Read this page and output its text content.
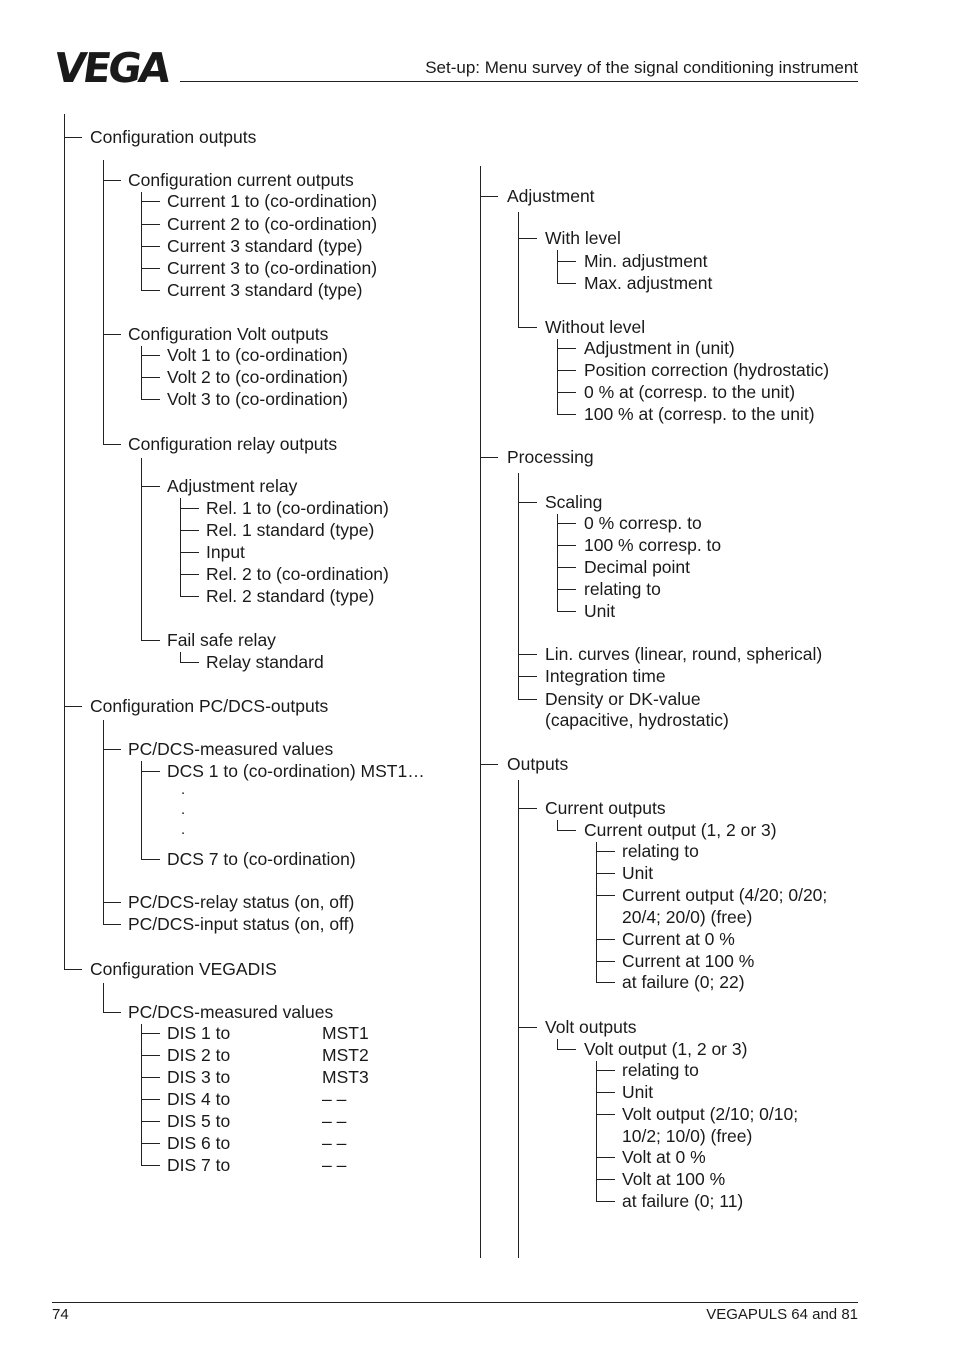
VEGA	Set-up: Menu survey of the signal conditioning instrument
Configuration outputs
Configuration current outputs
Current 1 to (co-ordination)
Current 2 to (co-ordination)
Current 3 standard (type)
Current 3 to (co-ordination)
Current 3 standard (type)
Configuration Volt outputs
Volt 1 to (co-ordination)
Volt 2 to (co-ordination)
Volt 3 to (co-ordination)
Configuration relay outputs
Adjustment relay
Rel. 1 to (co-ordination)
Rel. 1 standard (type)
Input
Rel. 2 to (co-ordination)
Rel. 2 standard (type)
Fail safe relay
Relay standard
Configuration PC/DCS-outputs
PC/DCS-measured values
DCS 1 to (co-ordination) MST1…
.
.
.
DCS 7 to (co-ordination)
PC/DCS-relay status (on, off)
PC/DCS-input status (on, off)
Configuration VEGADIS
PC/DCS-measured values
DIS 1 to	MST1
DIS 2 to	MST2
DIS 3 to	MST3
DIS 4 to	– –
DIS 5 to	– –
DIS 6 to	– –
DIS 7 to	– –
Adjustment
With level
Min. adjustment
Max. adjustment
Without level
Adjustment in (unit)
Position correction (hydrostatic)
0 % at (corresp. to the unit)
100 % at (corresp. to the unit)
Processing
Scaling
0 % corresp. to
100 % corresp. to
Decimal point
relating to
Unit
Lin. curves (linear, round, spherical)
Integration time
Density or DK-value
(capacitive, hydrostatic)
Outputs
Current outputs
Current output (1, 2 or 3)
relating to
Unit
Current output (4/20; 0/20;
20/4; 20/0) (free)
Current at 0 %
Current at 100 %
at failure (0; 22)
Volt outputs
Volt output (1, 2 or 3)
relating to
Unit
Volt output (2/10; 0/10;
10/2; 10/0) (free)
Volt at 0 %
Volt at 100 %
at failure (0; 11)
74	VEGAPULS 64 and 81
